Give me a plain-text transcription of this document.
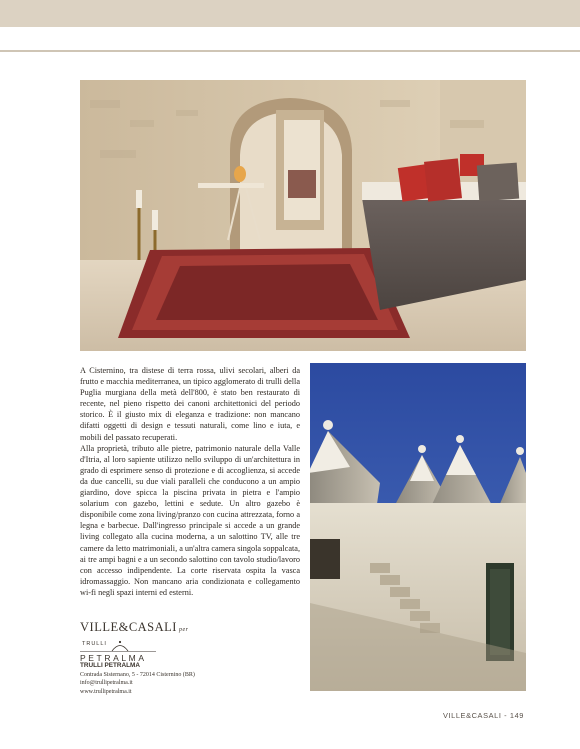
A Cisternino, tra distese di terra rossa, ulivi secolari, alberi da frutto e macchia mediterranea, un tipico agglomerato di trulli della Puglia murgiana della metà dell'800, è stato ben restaurato di recente, nel pieno rispetto dei canoni architettonici del periodo storico. È il giusto mix di eleganza e tradizione: non mancano difatti oggetti di design e tessuti naturali, come lino e iuta, e mobili del passato recuperati.

Alla proprietà, tributo alle pietre, patrimonio naturale della Valle d'Itria, al loro sapiente utilizzo nello sviluppo di un'architettura in grado di esprimere senso di protezione e di accoglienza, si accede da due cancelli, su due viali paralleli che conducono a un ampio giardino, dove spicca la piscina privata in pietra e l'ampio solarium con gazebo, lettini e sedute. Un altro gazebo è disponibile come zona living/pranzo con cucina attrezzata, forno a legna e barbecue. Dall'ingresso principale si accede a un grande living collegato alla cucina moderna, a un salottino TV, alle tre camere da letto matrimoniali, a un'altra camera singola soppalcata, ai tre ampi bagni e a un secondo salottino con tavolo studio/lavoro con accesso indipendente. La corte riservata ospita la vasca idromassaggio. Non mancano aria condizionata e collegamento wi-fi negli spazi interni ed esterni.

VILLE&CASALI per
TRULLI
PETRALMA
TRULLI PETRALMA
Contrada Sisternano, 5 - 72014 Cisternino (BR)
info@trullipetralma.it
www.trullipetralma.it
VILLE&CASALI - 149
